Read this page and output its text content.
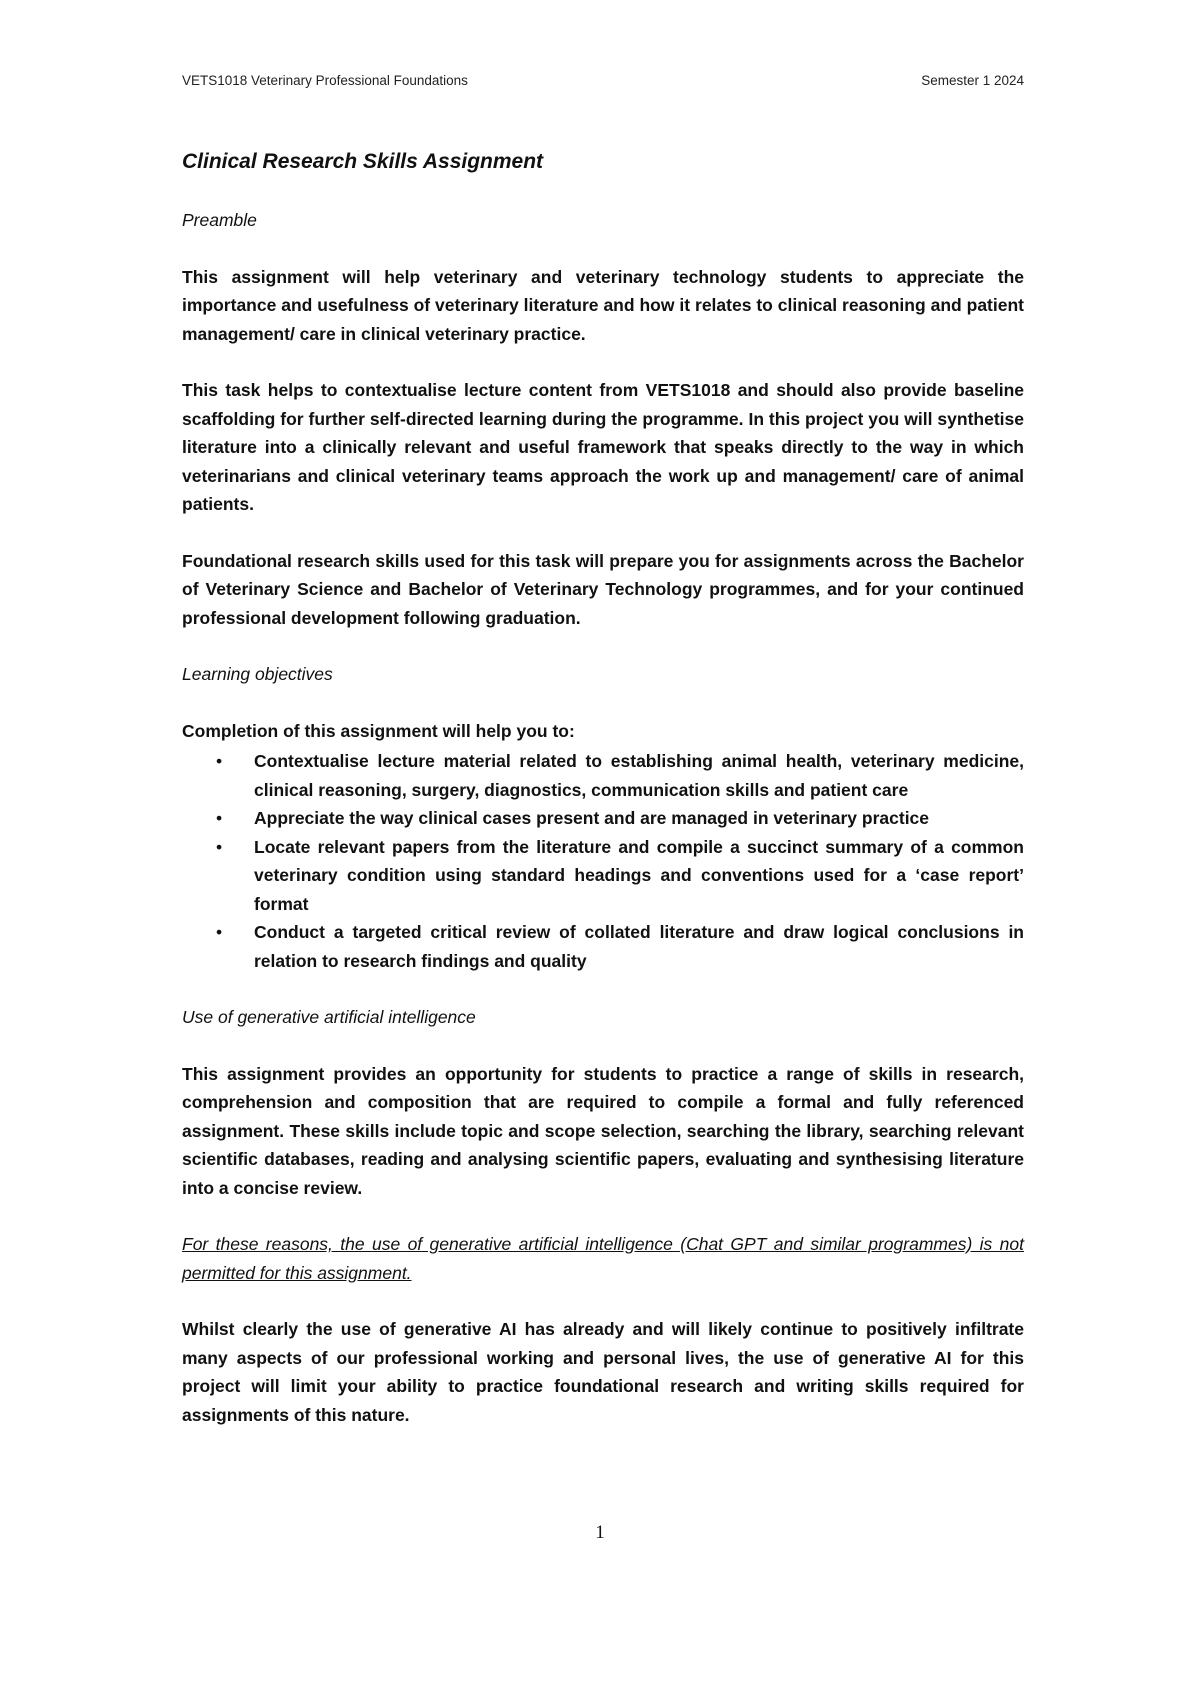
VETS1018 Veterinary Professional Foundations	Semester 1 2024
Clinical Research Skills Assignment
Preamble

This assignment will help veterinary and veterinary technology students to appreciate the importance and usefulness of veterinary literature and how it relates to clinical reasoning and patient management/ care in clinical veterinary practice.

This task helps to contextualise lecture content from VETS1018 and should also provide baseline scaffolding for further self-directed learning during the programme. In this project you will synthetise literature into a clinically relevant and useful framework that speaks directly to the way in which veterinarians and clinical veterinary teams approach the work up and management/ care of animal patients.

Foundational research skills used for this task will prepare you for assignments across the Bachelor of Veterinary Science and Bachelor of Veterinary Technology programmes, and for your continued professional development following graduation.

Learning objectives
Completion of this assignment will help you to:
• Contextualise lecture material related to establishing animal health, veterinary medicine, clinical reasoning, surgery, diagnostics, communication skills and patient care
• Appreciate the way clinical cases present and are managed in veterinary practice
• Locate relevant papers from the literature and compile a succinct summary of a common veterinary condition using standard headings and conventions used for a ‘case report’ format
• Conduct a targeted critical review of collated literature and draw logical conclusions in relation to research findings and quality
Use of generative artificial intelligence

This assignment provides an opportunity for students to practice a range of skills in research, comprehension and composition that are required to compile a formal and fully referenced assignment. These skills include topic and scope selection, searching the library, searching relevant scientific databases, reading and analysing scientific papers, evaluating and synthesising literature into a concise review.

For these reasons, the use of generative artificial intelligence (Chat GPT and similar programmes) is not permitted for this assignment.

Whilst clearly the use of generative AI has already and will likely continue to positively infiltrate many aspects of our professional working and personal lives, the use of generative AI for this project will limit your ability to practice foundational research and writing skills required for assignments of this nature.

1
